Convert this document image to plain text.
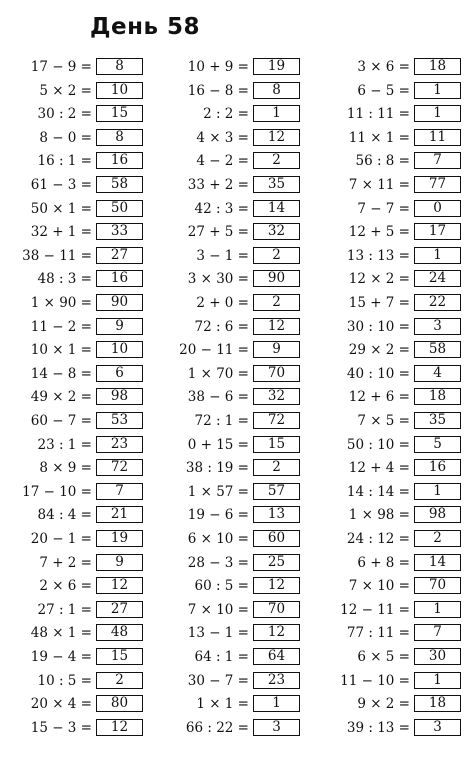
День 58
17 − 9 =	8
5 × 2 =	10
30 : 2 =	15
8 − 0 =	8
16 : 1 =	16
61 − 3 =	58
50 × 1 =	50
32 + 1 =	33
38 − 11 =	27
48 : 3 =	16
1 × 90 =	90
11 − 2 =	9
10 × 1 =	10
14 − 8 =	6
49 × 2 =	98
60 − 7 =	53
23 : 1 =	23
8 × 9 =	72
17 − 10 =	7
84 : 4 =	21
20 − 1 =	19
7 + 2 =	9
2 × 6 =	12
27 : 1 =	27
48 × 1 =	48
19 − 4 =	15
10 : 5 =	2
20 × 4 =	80
15 − 3 =	12
10 + 9 =	19
16 − 8 =	8
2 : 2 =	1
4 × 3 =	12
4 − 2 =	2
33 + 2 =	35
42 : 3 =	14
27 + 5 =	32
3 − 1 =	2
3 × 30 =	90
2 + 0 =	2
72 : 6 =	12
20 − 11 =	9
1 × 70 =	70
38 − 6 =	32
72 : 1 =	72
0 + 15 =	15
38 : 19 =	2
1 × 57 =	57
19 − 6 =	13
6 × 10 =	60
28 − 3 =	25
60 : 5 =	12
7 × 10 =	70
13 − 1 =	12
64 : 1 =	64
30 − 7 =	23
1 × 1 =	1
66 : 22 =	3
3 × 6 =	18
6 − 5 =	1
11 : 11 =	1
11 × 1 =	11
56 : 8 =	7
7 × 11 =	77
7 − 7 =	0
12 + 5 =	17
13 : 13 =	1
12 × 2 =	24
15 + 7 =	22
30 : 10 =	3
29 × 2 =	58
40 : 10 =	4
12 + 6 =	18
7 × 5 =	35
50 : 10 =	5
12 + 4 =	16
14 : 14 =	1
1 × 98 =	98
24 : 12 =	2
6 + 8 =	14
7 × 10 =	70
12 − 11 =	1
77 : 11 =	7
6 × 5 =	30
11 − 10 =	1
9 × 2 =	18
39 : 13 =	3
